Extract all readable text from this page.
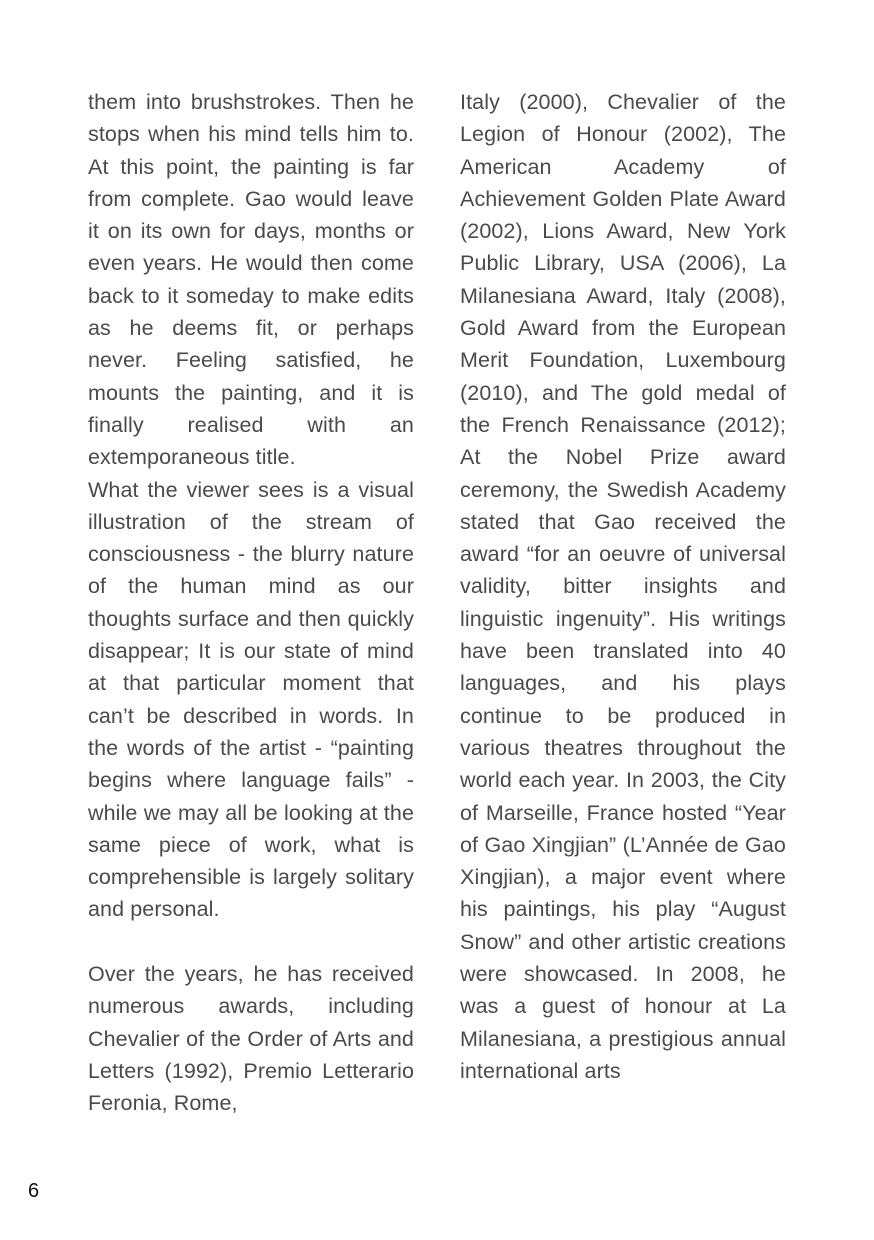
them into brushstrokes. Then he stops when his mind tells him to. At this point, the painting is far from complete. Gao would leave it on its own for days, months or even years. He would then come back to it someday to make edits as he deems fit, or perhaps never. Feeling satisfied, he mounts the painting, and it is finally realised with an extemporaneous title.

What the viewer sees is a visual illustration of the stream of consciousness - the blurry nature of the human mind as our thoughts surface and then quickly disappear; It is our state of mind at that particular moment that can’t be described in words. In the words of the artist - “painting begins where language fails” - while we may all be looking at the same piece of work, what is comprehensible is largely solitary and personal.

Over the years, he has received numerous awards, including Chevalier of the Order of Arts and Letters (1992), Premio Letterario Feronia, Rome,

Italy (2000), Chevalier of the Legion of Honour (2002), The American Academy of Achievement Golden Plate Award (2002), Lions Award, New York Public Library, USA (2006), La Milanesiana Award, Italy (2008), Gold Award from the European Merit Foundation, Luxembourg (2010), and The gold medal of the French Renaissance (2012); At the Nobel Prize award ceremony, the Swedish Academy stated that Gao received the award “for an oeuvre of universal validity, bitter insights and linguistic ingenuity”. His writings have been translated into 40 languages, and his plays continue to be produced in various theatres throughout the world each year. In 2003, the City of Marseille, France hosted “Year of Gao Xingjian” (L’Année de Gao Xingjian), a major event where his paintings, his play “August Snow” and other artistic creations were showcased. In 2008, he was a guest of honour at La Milanesiana, a prestigious annual international arts

6
